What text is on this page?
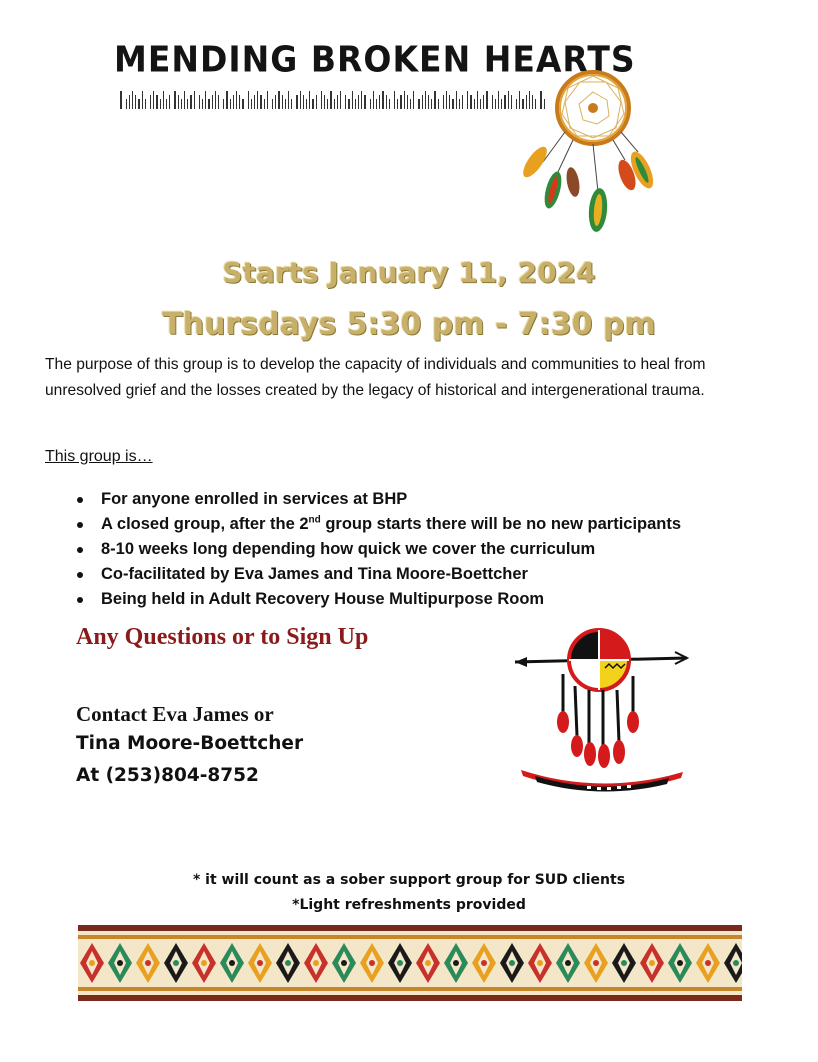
MENDING BROKEN HEARTS
Starts January 11, 2024
Thursdays 5:30 pm - 7:30 pm
The purpose of this group is to develop the capacity of individuals and communities to heal from unresolved grief and the losses created by the legacy of historical and intergenerational trauma.
This group is…
For anyone enrolled in services at BHP
A closed group, after the 2nd group starts there will be no new participants
8-10 weeks long depending how quick we cover the curriculum
Co-facilitated by Eva James and Tina Moore-Boettcher
Being held in Adult Recovery House Multipurpose Room
Any Questions or to Sign Up
Contact Eva James or
Tina Moore-Boettcher
At (253)804-8752
* it will count as a sober support group for SUD clients
*Light refreshments provided
